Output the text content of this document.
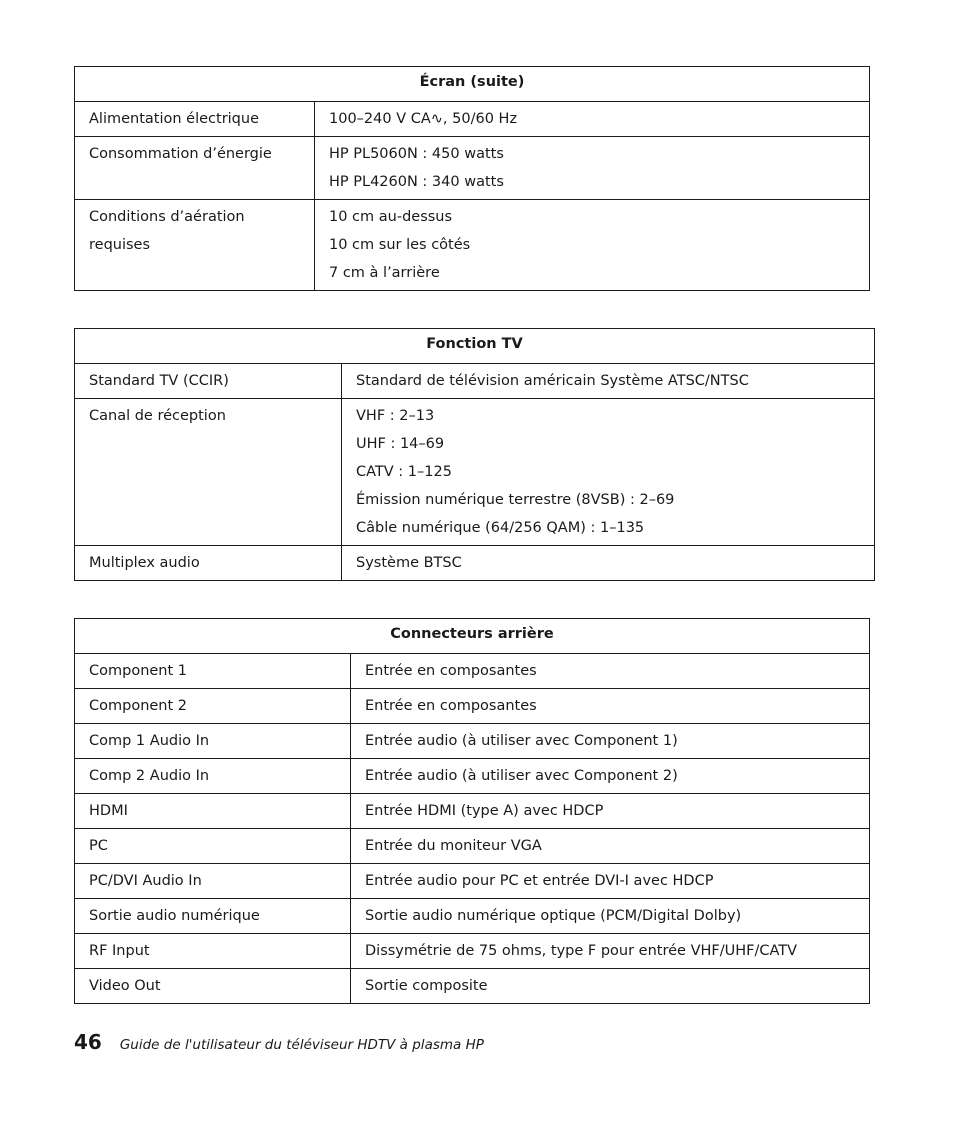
Écran (suite)	
Alimentation électrique	100–240 V CA∿, 50/60 Hz

Consommation d’énergie	HP PL5060N : 450 watts
HP PL4260N : 340 watts

Conditions d’aération requises	10 cm au-dessus
10 cm sur les côtés
7 cm à l’arrière
Fonction TV	
Standard TV (CCIR)	Standard de télévision américain Système ATSC/NTSC

Canal de réception	VHF : 2–13
UHF : 14–69
CATV : 1–125
Émission numérique terrestre (8VSB) : 2–69
Câble numérique (64/256 QAM) : 1–135

Multiplex audio	Système BTSC
Connecteurs arrière	
Component 1	Entrée en composantes
Component 2	Entrée en composantes
Comp 1 Audio In	Entrée audio (à utiliser avec Component 1)
Comp 2 Audio In	Entrée audio (à utiliser avec Component 2)
HDMI	Entrée HDMI (type A) avec HDCP
PC	Entrée du moniteur VGA
PC/DVI Audio In	Entrée audio pour PC et entrée DVI-I avec HDCP
Sortie audio numérique	Sortie audio numérique optique (PCM/Digital Dolby)
RF Input	Dissymétrie de 75 ohms, type F pour entrée VHF/UHF/CATV
Video Out	Sortie composite
46 Guide de l'utilisateur du téléviseur HDTV à plasma HP
